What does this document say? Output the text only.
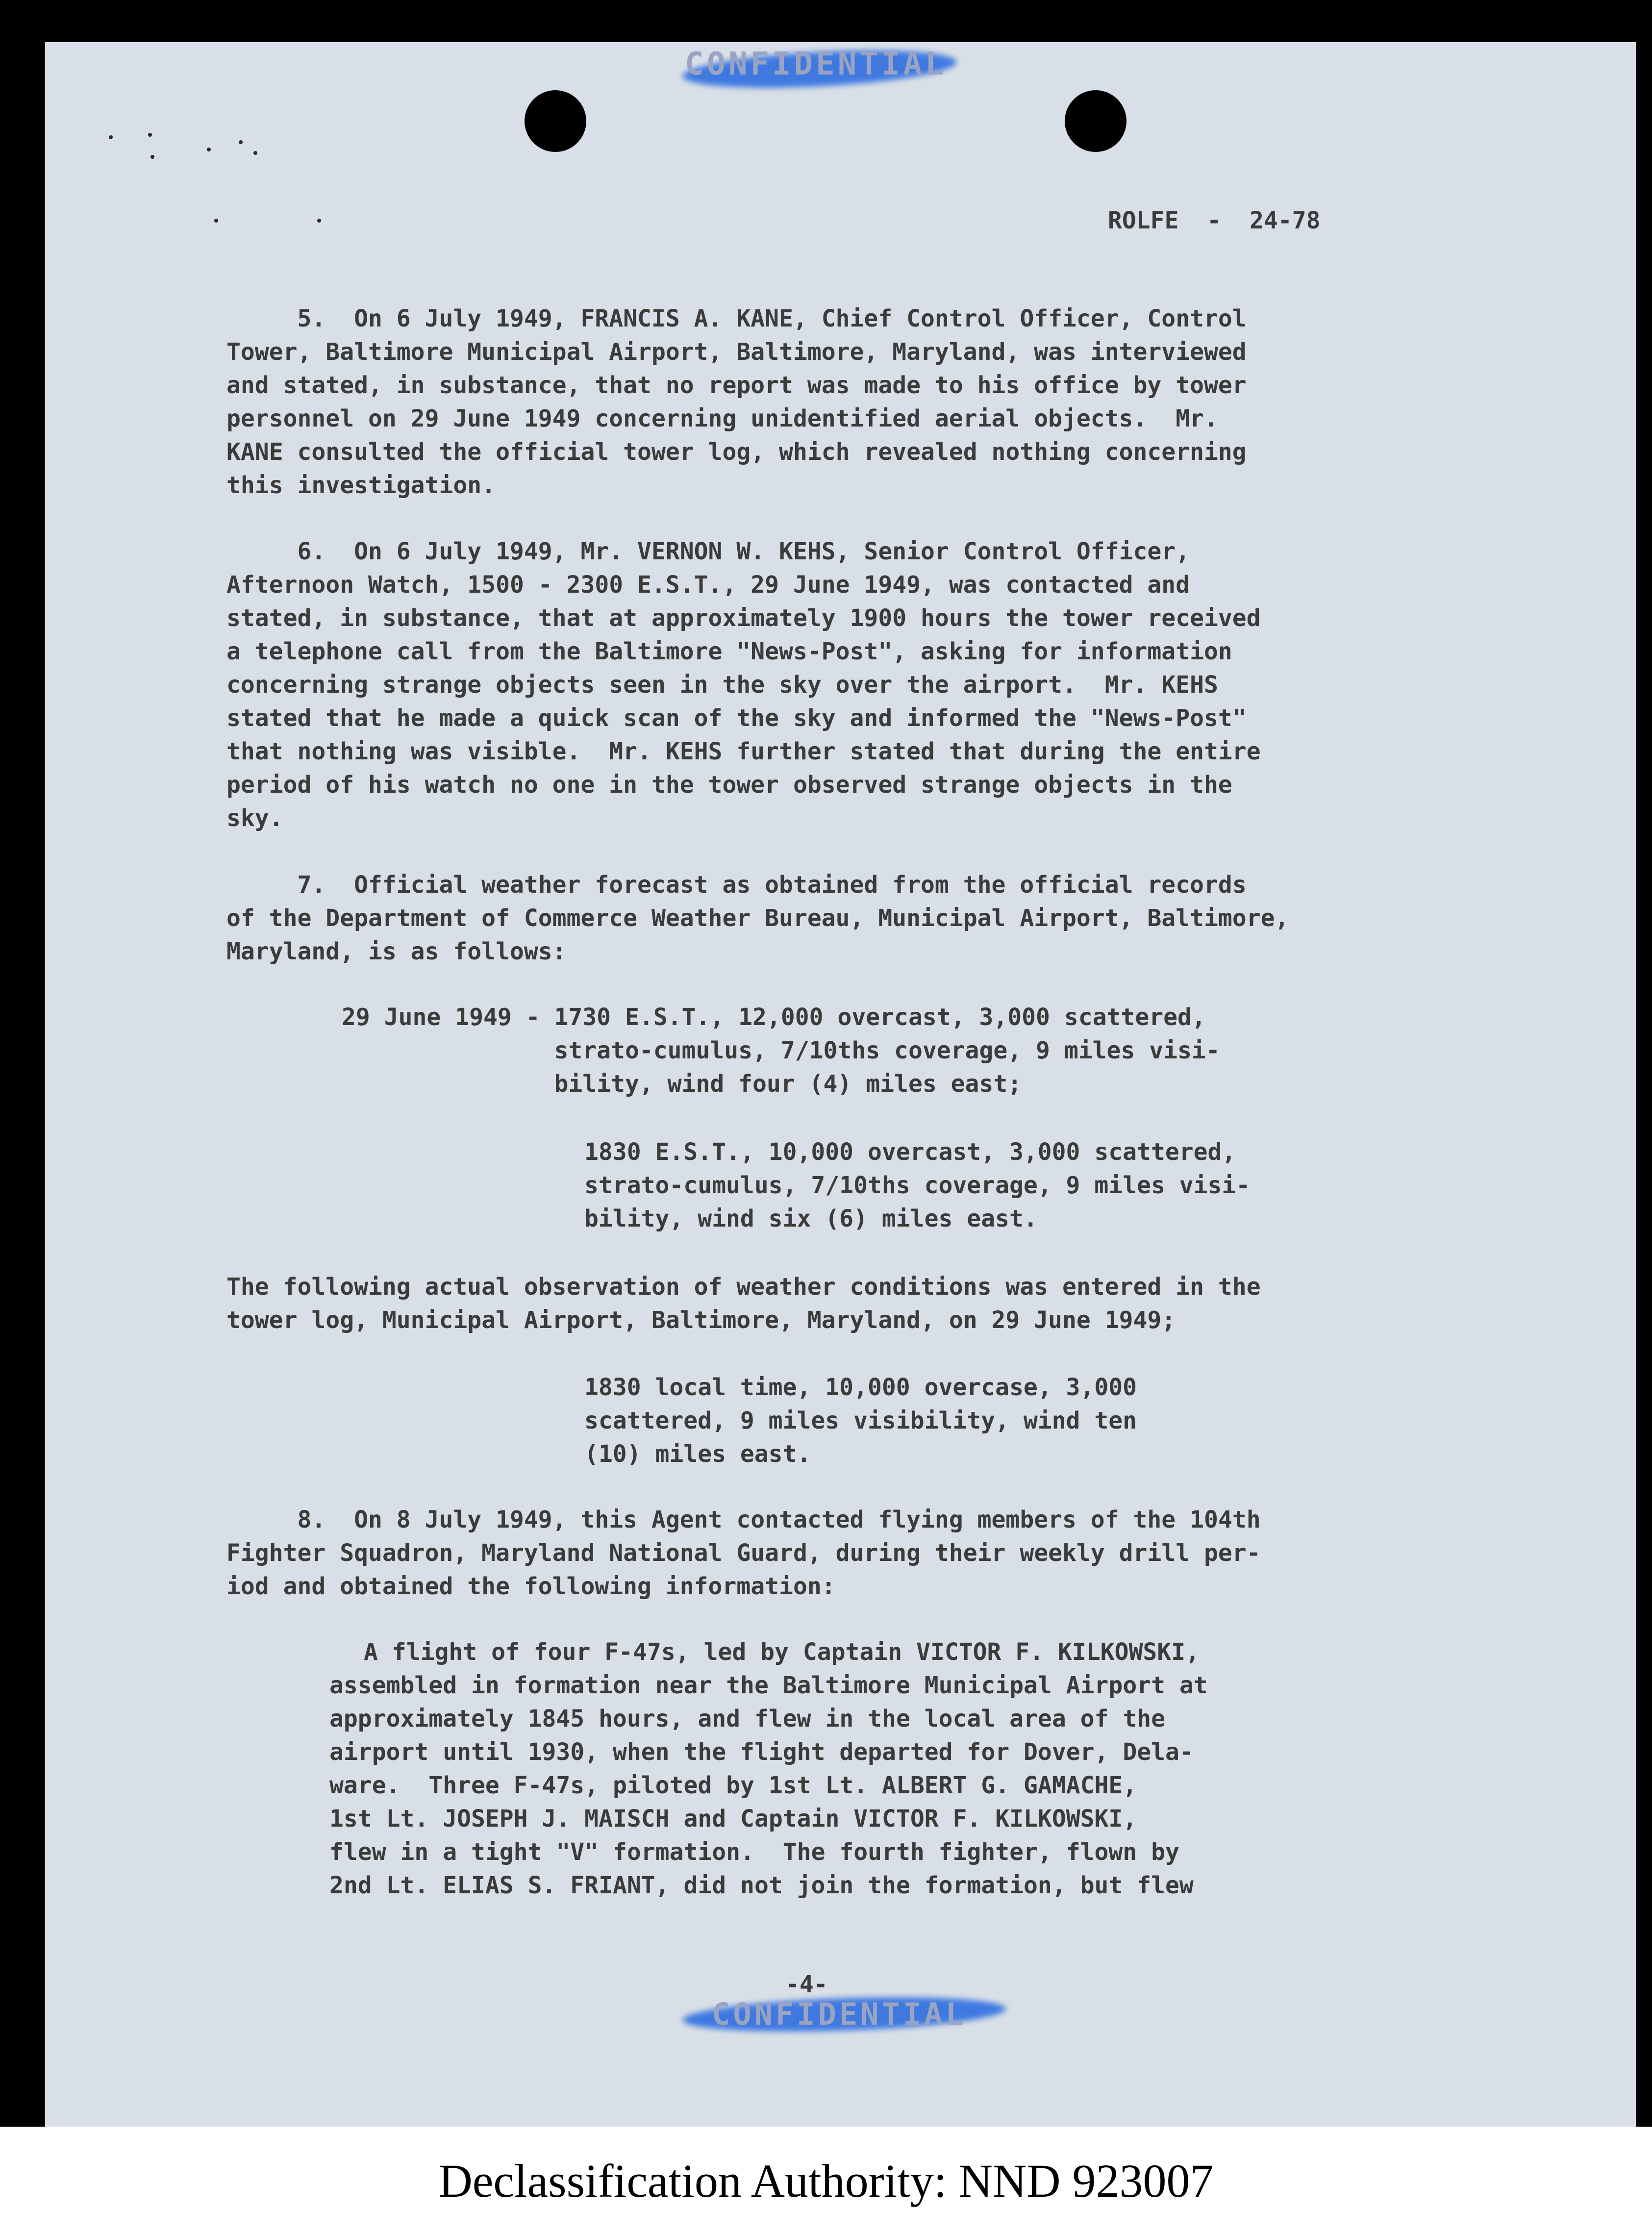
CONFIDENTIAL

ROLFE  -  24-78

5.  On 6 July 1949, FRANCIS A. KANE, Chief Control Officer, Control

Tower, Baltimore Municipal Airport, Baltimore, Maryland, was interviewed

and stated, in substance, that no report was made to his office by tower

personnel on 29 June 1949 concerning unidentified aerial objects.  Mr.

KANE consulted the official tower log, which revealed nothing concerning

this investigation.

6.  On 6 July 1949, Mr. VERNON W. KEHS, Senior Control Officer,

Afternoon Watch, 1500 - 2300 E.S.T., 29 June 1949, was contacted and

stated, in substance, that at approximately 1900 hours the tower received

a telephone call from the Baltimore "News-Post", asking for information

concerning strange objects seen in the sky over the airport.  Mr. KEHS

stated that he made a quick scan of the sky and informed the "News-Post"

that nothing was visible.  Mr. KEHS further stated that during the entire

period of his watch no one in the tower observed strange objects in the

sky.

7.  Official weather forecast as obtained from the official records

of the Department of Commerce Weather Bureau, Municipal Airport, Baltimore,

Maryland, is as follows:

29 June 1949 - 1730 E.S.T., 12,000 overcast, 3,000 scattered,

strato-cumulus, 7/10ths coverage, 9 miles visi-

bility, wind four (4) miles east;

1830 E.S.T., 10,000 overcast, 3,000 scattered,

strato-cumulus, 7/10ths coverage, 9 miles visi-

bility, wind six (6) miles east.

The following actual observation of weather conditions was entered in the

tower log, Municipal Airport, Baltimore, Maryland, on 29 June 1949;

1830 local time, 10,000 overcase, 3,000

scattered, 9 miles visibility, wind ten

(10) miles east.

8.  On 8 July 1949, this Agent contacted flying members of the 104th

Fighter Squadron, Maryland National Guard, during their weekly drill per-

iod and obtained the following information:

A flight of four F-47s, led by Captain VICTOR F. KILKOWSKI,

assembled in formation near the Baltimore Municipal Airport at

approximately 1845 hours, and flew in the local area of the

airport until 1930, when the flight departed for Dover, Dela-

ware.  Three F-47s, piloted by 1st Lt. ALBERT G. GAMACHE,

1st Lt. JOSEPH J. MAISCH and Captain VICTOR F. KILKOWSKI,

flew in a tight "V" formation.  The fourth fighter, flown by

2nd Lt. ELIAS S. FRIANT, did not join the formation, but flew

-4-

CONFIDENTIAL
Declassification Authority: NND 923007
